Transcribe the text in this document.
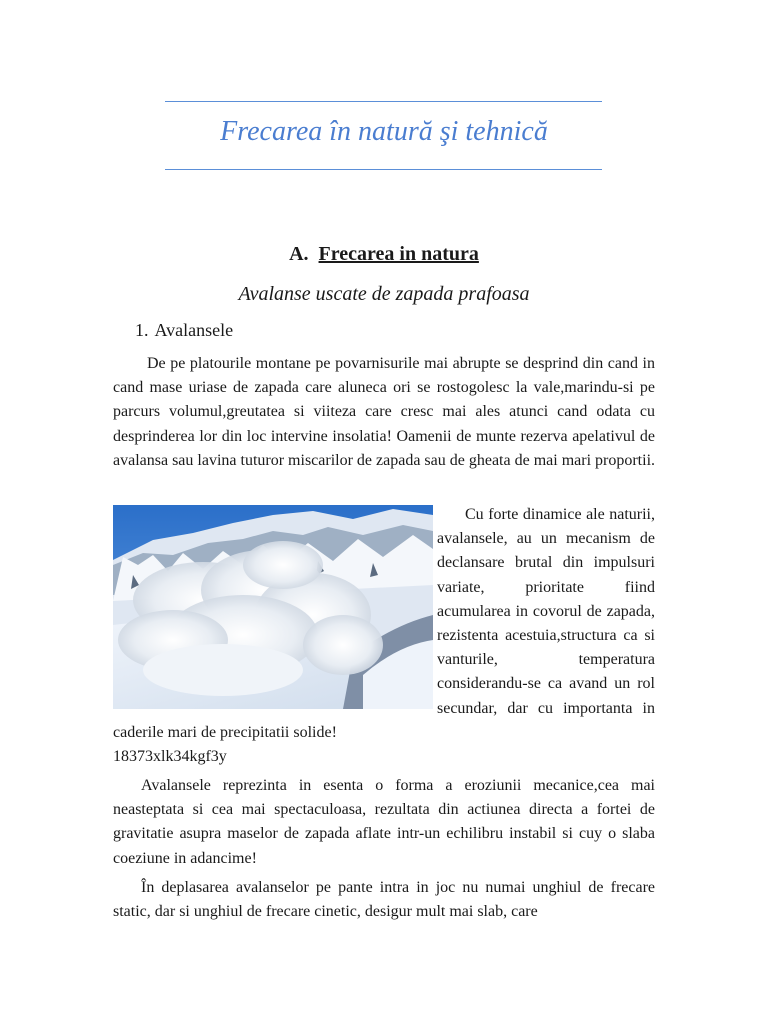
Frecarea în natură şi tehnică
A. Frecarea in natura
Avalanse uscate de zapada prafoasa
1. Avalansele

De pe platourile montane pe povarnisurile mai abrupte se desprind din cand in cand mase uriase de zapada care aluneca ori se rostogolesc la vale,marindu-si pe parcurs volumul,greutatea si viiteza care cresc mai ales atunci cand odata cu desprinderea lor din loc intervine insolatia! Oamenii de munte rezerva apelativul de avalansa sau lavina tuturor miscarilor de zapada sau de gheata de mai mari proportii.

Cu forte dinamice ale naturii, avalansele, au un mecanism de declansare brutal din impulsuri variate, prioritate fiind acumularea in covorul de zapada, rezistenta acestuia,structura ca si vanturile, temperatura considerandu-se ca avand un rol secundar, dar cu importanta in caderile mari de precipitatii solide!
18373xlk34kgf3y

Avalansele reprezinta in esenta o forma a eroziunii mecanice,cea mai neasteptata si cea mai spectaculoasa, rezultata din actiunea directa a fortei de gravitatie asupra maselor de zapada aflate intr-un echilibru instabil si cuy o slaba coeziune in adancime!

În deplasarea avalanselor pe pante intra in joc nu numai unghiul de frecare static, dar si unghiul de frecare cinetic, desigur mult mai slab, care
